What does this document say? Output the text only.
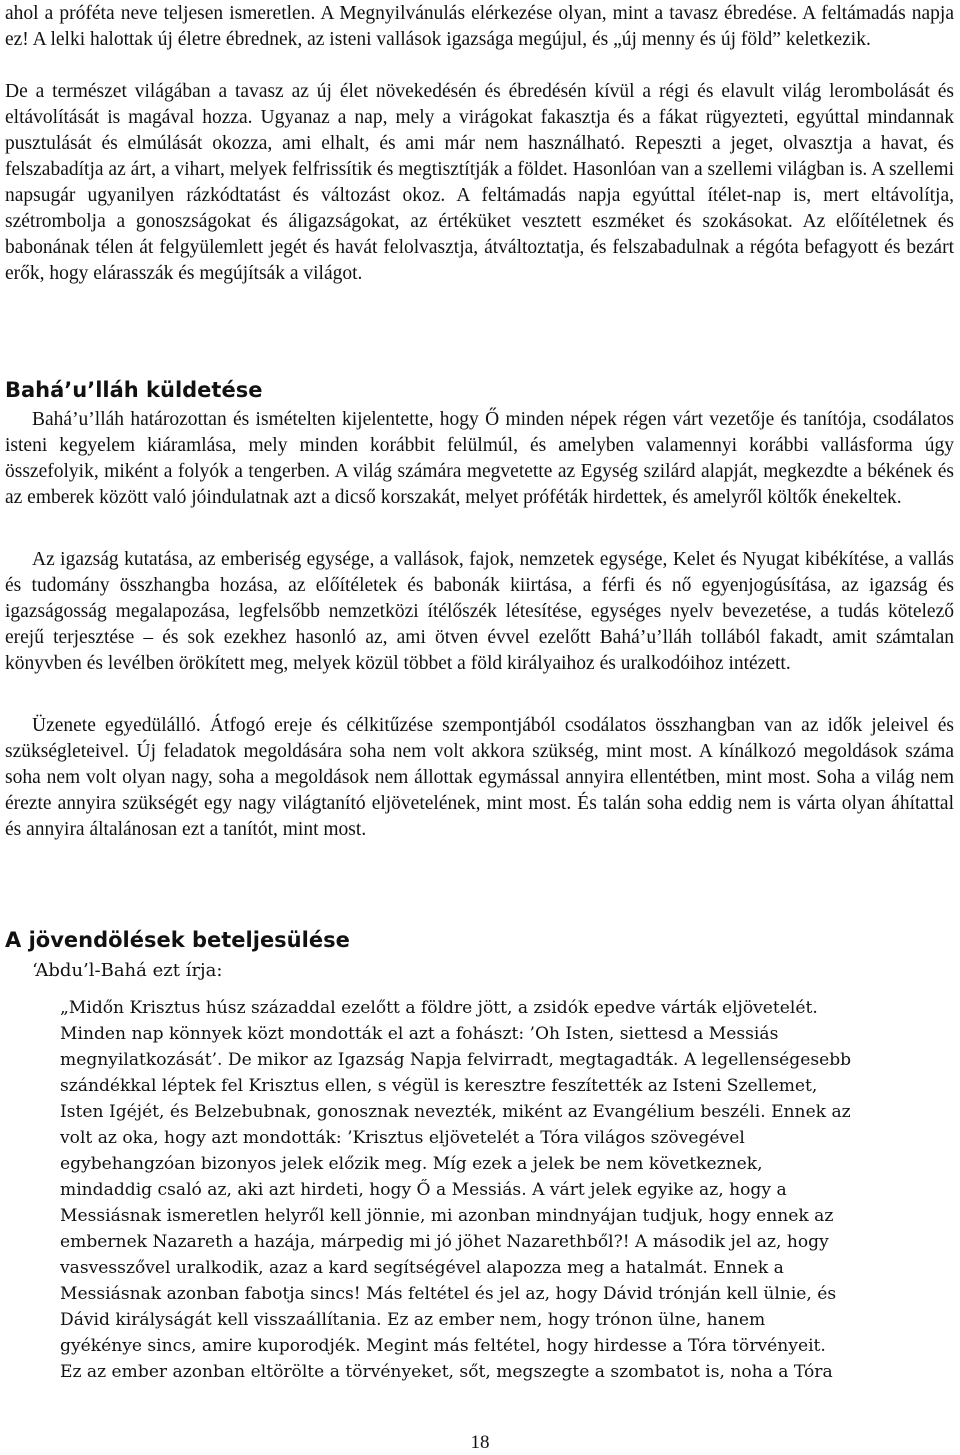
ahol a próféta neve teljesen ismeretlen. A Megnyilvánulás elérkezése olyan, mint a tavasz ébredése. A feltámadás napja ez! A lelki halottak új életre ébrednek, az isteni vallások igazsága megújul, és „új menny és új föld” keletkezik.

De a természet világában a tavasz az új élet növekedésén és ébredésén kívül a régi és elavult világ lerombolását és eltávolítását is magával hozza. Ugyanaz a nap, mely a virágokat fakasztja és a fákat rügyezteti, egyúttal mindannak pusztulását és elmúlását okozza, ami elhalt, és ami már nem használható. Repeszti a jeget, olvasztja a havat, és felszabadítja az árt, a vihart, melyek felfrissítik és megtisztítják a földet. Hasonlóan van a szellemi világban is. A szellemi napsugár ugyanilyen rázkódtatást és változást okoz. A feltámadás napja egyúttal ítélet-nap is, mert eltávolítja, szétrombolja a gonoszságokat és áligazságokat, az értéküket vesztett eszméket és szokásokat. Az előítéletnek és babonának télen át felgyülemlett jegét és havát felolvasztja, átváltoztatja, és felszabadulnak a régóta befagyott és bezárt erők, hogy elárasszák és megújítsák a világot.

Bahá’u’lláh küldetése

Bahá’u’lláh határozottan és ismételten kijelentette, hogy Ő minden népek régen várt vezetője és tanítója, csodálatos isteni kegyelem kiáramlása, mely minden korábbit felülmúl, és amelyben valamennyi korábbi vallásforma úgy összefolyik, miként a folyók a tengerben. A világ számára megvetette az Egység szilárd alapját, megkezdte a békének és az emberek között való jóindulatnak azt a dicső korszakát, melyet próféták hirdettek, és amelyről költők énekeltek.

Az igazság kutatása, az emberiség egysége, a vallások, fajok, nemzetek egysége, Kelet és Nyugat kibékítése, a vallás és tudomány összhangba hozása, az előítéletek és babonák kiirtása, a férfi és nő egyenjogúsítása, az igazság és igazságosság megalapozása, legfelsőbb nemzetközi ítélőszék létesítése, egységes nyelv bevezetése, a tudás kötelező erejű terjesztése – és sok ezekhez hasonló az, ami ötven évvel ezelőtt Bahá’u’lláh tollából fakadt, amit számtalan könyvben és levélben örökített meg, melyek közül többet a föld királyaihoz és uralkodóihoz intézett.

Üzenete egyedülálló. Átfogó ereje és célkitűzése szempontjából csodálatos összhangban van az idők jeleivel és szükségleteivel. Új feladatok megoldására soha nem volt akkora szükség, mint most. A kínálkozó megoldások száma soha nem volt olyan nagy, soha a megoldások nem állottak egymással annyira ellentétben, mint most. Soha a világ nem érezte annyira szükségét egy nagy világtanító eljövetelének, mint most. És talán soha eddig nem is várta olyan áhítattal és annyira általánosan ezt a tanítót, mint most.

A jövendölések beteljesülése

‘Abdu’l-Bahá ezt írja:

„Midőn Krisztus húsz századdal ezelőtt a földre jött, a zsidók epedve várták eljövetelét.
Minden nap könnyek közt mondották el azt a fohászt: ’Oh Isten, siettesd a Messiás
megnyilatkozását’. De mikor az Igazság Napja felvirradt, megtagadták. A legellenségesebb
szándékkal léptek fel Krisztus ellen, s végül is keresztre feszítették az Isteni Szellemet,
Isten Igéjét, és Belzebubnak, gonosznak nevezték, miként az Evangélium beszéli. Ennek az
volt az oka, hogy azt mondották: ’Krisztus eljövetelét a Tóra világos szövegével
egybehangzóan bizonyos jelek előzik meg. Míg ezek a jelek be nem következnek,
mindaddig csaló az, aki azt hirdeti, hogy Ő a Messiás. A várt jelek egyike az, hogy a
Messiásnak ismeretlen helyről kell jönnie, mi azonban mindnyájan tudjuk, hogy ennek az
embernek Nazareth a hazája, márpedig mi jó jöhet Nazarethből?! A második jel az, hogy
vasvesszővel uralkodik, azaz a kard segítségével alapozza meg a hatalmát. Ennek a
Messiásnak azonban fabotja sincs! Más feltétel és jel az, hogy Dávid trónján kell ülnie, és
Dávid királyságát kell visszaállítania. Ez az ember nem, hogy trónon ülne, hanem
gyékénye sincs, amire kuporodjék. Megint más feltétel, hogy hirdesse a Tóra törvényeit.
Ez az ember azonban eltörölte a törvényeket, sőt, megszegte a szombatot is, noha a Tóra
18
